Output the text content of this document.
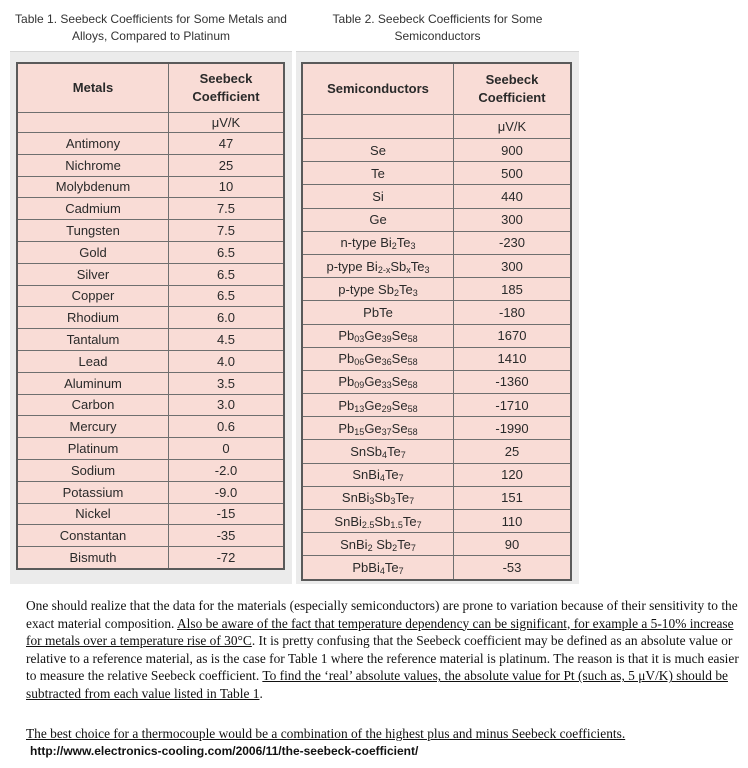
Table 1. Seebeck Coefficients for Some Metals and Alloys, Compared to Platinum
Metals	Seebeck Coefficient
	μV/K
Antimony	47
Nichrome	25
Molybdenum	10
Cadmium	7.5
Tungsten	7.5
Gold	6.5
Silver	6.5
Copper	6.5
Rhodium	6.0
Tantalum	4.5
Lead	4.0
Aluminum	3.5
Carbon	3.0
Mercury	0.6
Platinum	0
Sodium	-2.0
Potassium	-9.0
Nickel	-15
Constantan	-35
Bismuth	-72
Table 2. Seebeck Coefficients for Some Semiconductors
Semiconductors	Seebeck Coefficient
	μV/K
Se	900
Te	500
Si	440
Ge	300
n-type $Bi_2Te_3$	-230
p-type $Bi_{2-x}Sb_xTe_3$	300
p-type $Sb_2Te_3$	185
PbTe	-180
$Pb_{03}Ge_{39}Se_{58}$	1670
$Pb_{06}Ge_{36}Se_{58}$	1410
$Pb_{09}Ge_{33}Se_{58}$	-1360
$Pb_{13}Ge_{29}Se_{58}$	-1710
$Pb_{15}Ge_{37}Se_{58}$	-1990
$SnSb_4Te_7$	25
$SnBi_4Te_7$	120
$SnBi_3Sb_3Te_7$	151
$SnBi_{2.5}Sb_{1.5}Te_7$	110
SnBi$_2$ $Sb_2Te_7$	90
$PbBi_4Te_7$	-53
One should realize that the data for the materials (especially semiconductors) are prone to variation because of their sensitivity to the exact material composition. Also be aware of the fact that temperature dependency can be significant, for example a 5-10% increase for metals over a temperature rise of 30°C. It is pretty confusing that the Seebeck coefficient may be defined as an absolute value or relative to a reference material, as is the case for Table 1 where the reference material is platinum. The reason is that it is much easier to measure the relative Seebeck coefficient. To find the ‘real’ absolute values, the absolute value for Pt (such as, 5 μV/K) should be subtracted from each value listed in Table 1.
The best choice for a thermocouple would be a combination of the highest plus and minus Seebeck coefficients.
http://www.electronics-cooling.com/2006/11/the-seebeck-coefficient/
